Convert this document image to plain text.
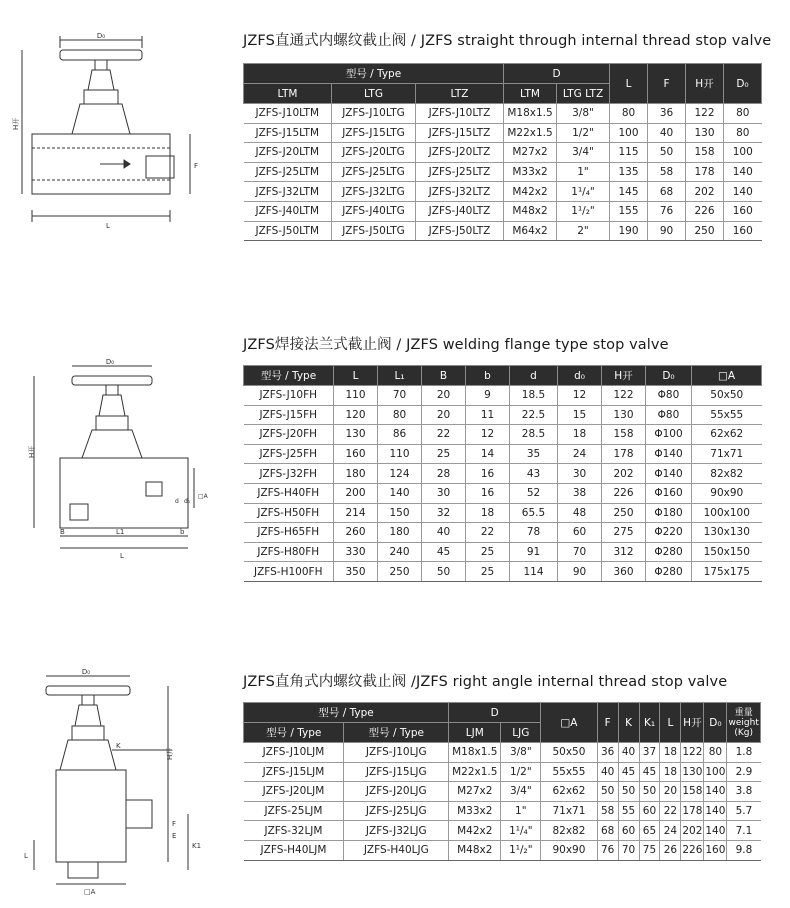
D₀
H开
L
F
JZFS直通式内螺纹截止阀 / JZFS straight through internal thread stop valve
型号 / Type			D		L	F	H开	D₀
LTM	LTG	LTZ	LTM	LTG LTZ				
JZFS-J10LTM	JZFS-J10LTG	JZFS-J10LTZ	M18x1.5	3/8"	80	36	122	80
JZFS-J15LTM	JZFS-J15LTG	JZFS-J15LTZ	M22x1.5	1/2"	100	40	130	80
JZFS-J20LTM	JZFS-J20LTG	JZFS-J20LTZ	M27x2	3/4"	115	50	158	100
JZFS-J25LTM	JZFS-J25LTG	JZFS-J25LTZ	M33x2	1"	135	58	178	140
JZFS-J32LTM	JZFS-J32LTG	JZFS-J32LTZ	M42x2	1¹/₄"	145	68	202	140
JZFS-J40LTM	JZFS-J40LTG	JZFS-J40LTZ	M48x2	1¹/₂"	155	76	226	160
JZFS-J50LTM	JZFS-J50LTG	JZFS-J50LTZ	M64x2	2"	190	90	250	160
D₀
H开
B	L1	b
L
d d₀
□A
JZFS焊接法兰式截止阀 / JZFS welding flange type stop valve
型号 / Type	L	L₁	B	b	d	d₀	H开	D₀	□A
JZFS-J10FH	110	70	20	9	18.5	12	122	Φ80	50x50
JZFS-J15FH	120	80	20	11	22.5	15	130	Φ80	55x55
JZFS-J20FH	130	86	22	12	28.5	18	158	Φ100	62x62
JZFS-J25FH	160	110	25	14	35	24	178	Φ140	71x71
JZFS-J32FH	180	124	28	16	43	30	202	Φ140	82x82
JZFS-H40FH	200	140	30	16	52	38	226	Φ160	90x90
JZFS-H50FH	214	150	32	18	65.5	48	250	Φ180	100x100
JZFS-H65FH	260	180	40	22	78	60	275	Φ220	130x130
JZFS-H80FH	330	240	45	25	91	70	312	Φ280	150x150
JZFS-H100FH	350	250	50	25	114	90	360	Φ280	175x175
D₀
H开
K
K1
F
E
L
□A
JZFS直角式内螺纹截止阀 /JZFS right angle internal thread stop valve
型号 / Type		D		□A	F	K	K₁	L	H开	D₀	重量
weight
(Kg)
型号 / Type	型号 / Type	LJM	LJG								
JZFS-J10LJM	JZFS-J10LJG	M18x1.5	3/8"	50x50	36	40	37	18	122	80	1.8
JZFS-J15LJM	JZFS-J15LJG	M22x1.5	1/2"	55x55	40	45	45	18	130	100	2.9
JZFS-J20LJM	JZFS-J20LJG	M27x2	3/4"	62x62	50	50	50	20	158	140	3.8
JZFS-25LJM	JZFS-J25LJG	M33x2	1"	71x71	58	55	60	22	178	140	5.7
JZFS-32LJM	JZFS-J32LJG	M42x2	1¹/₄"	82x82	68	60	65	24	202	140	7.1
JZFS-H40LJM	JZFS-H40LJG	M48x2	1¹/₂"	90x90	76	70	75	26	226	160	9.8
